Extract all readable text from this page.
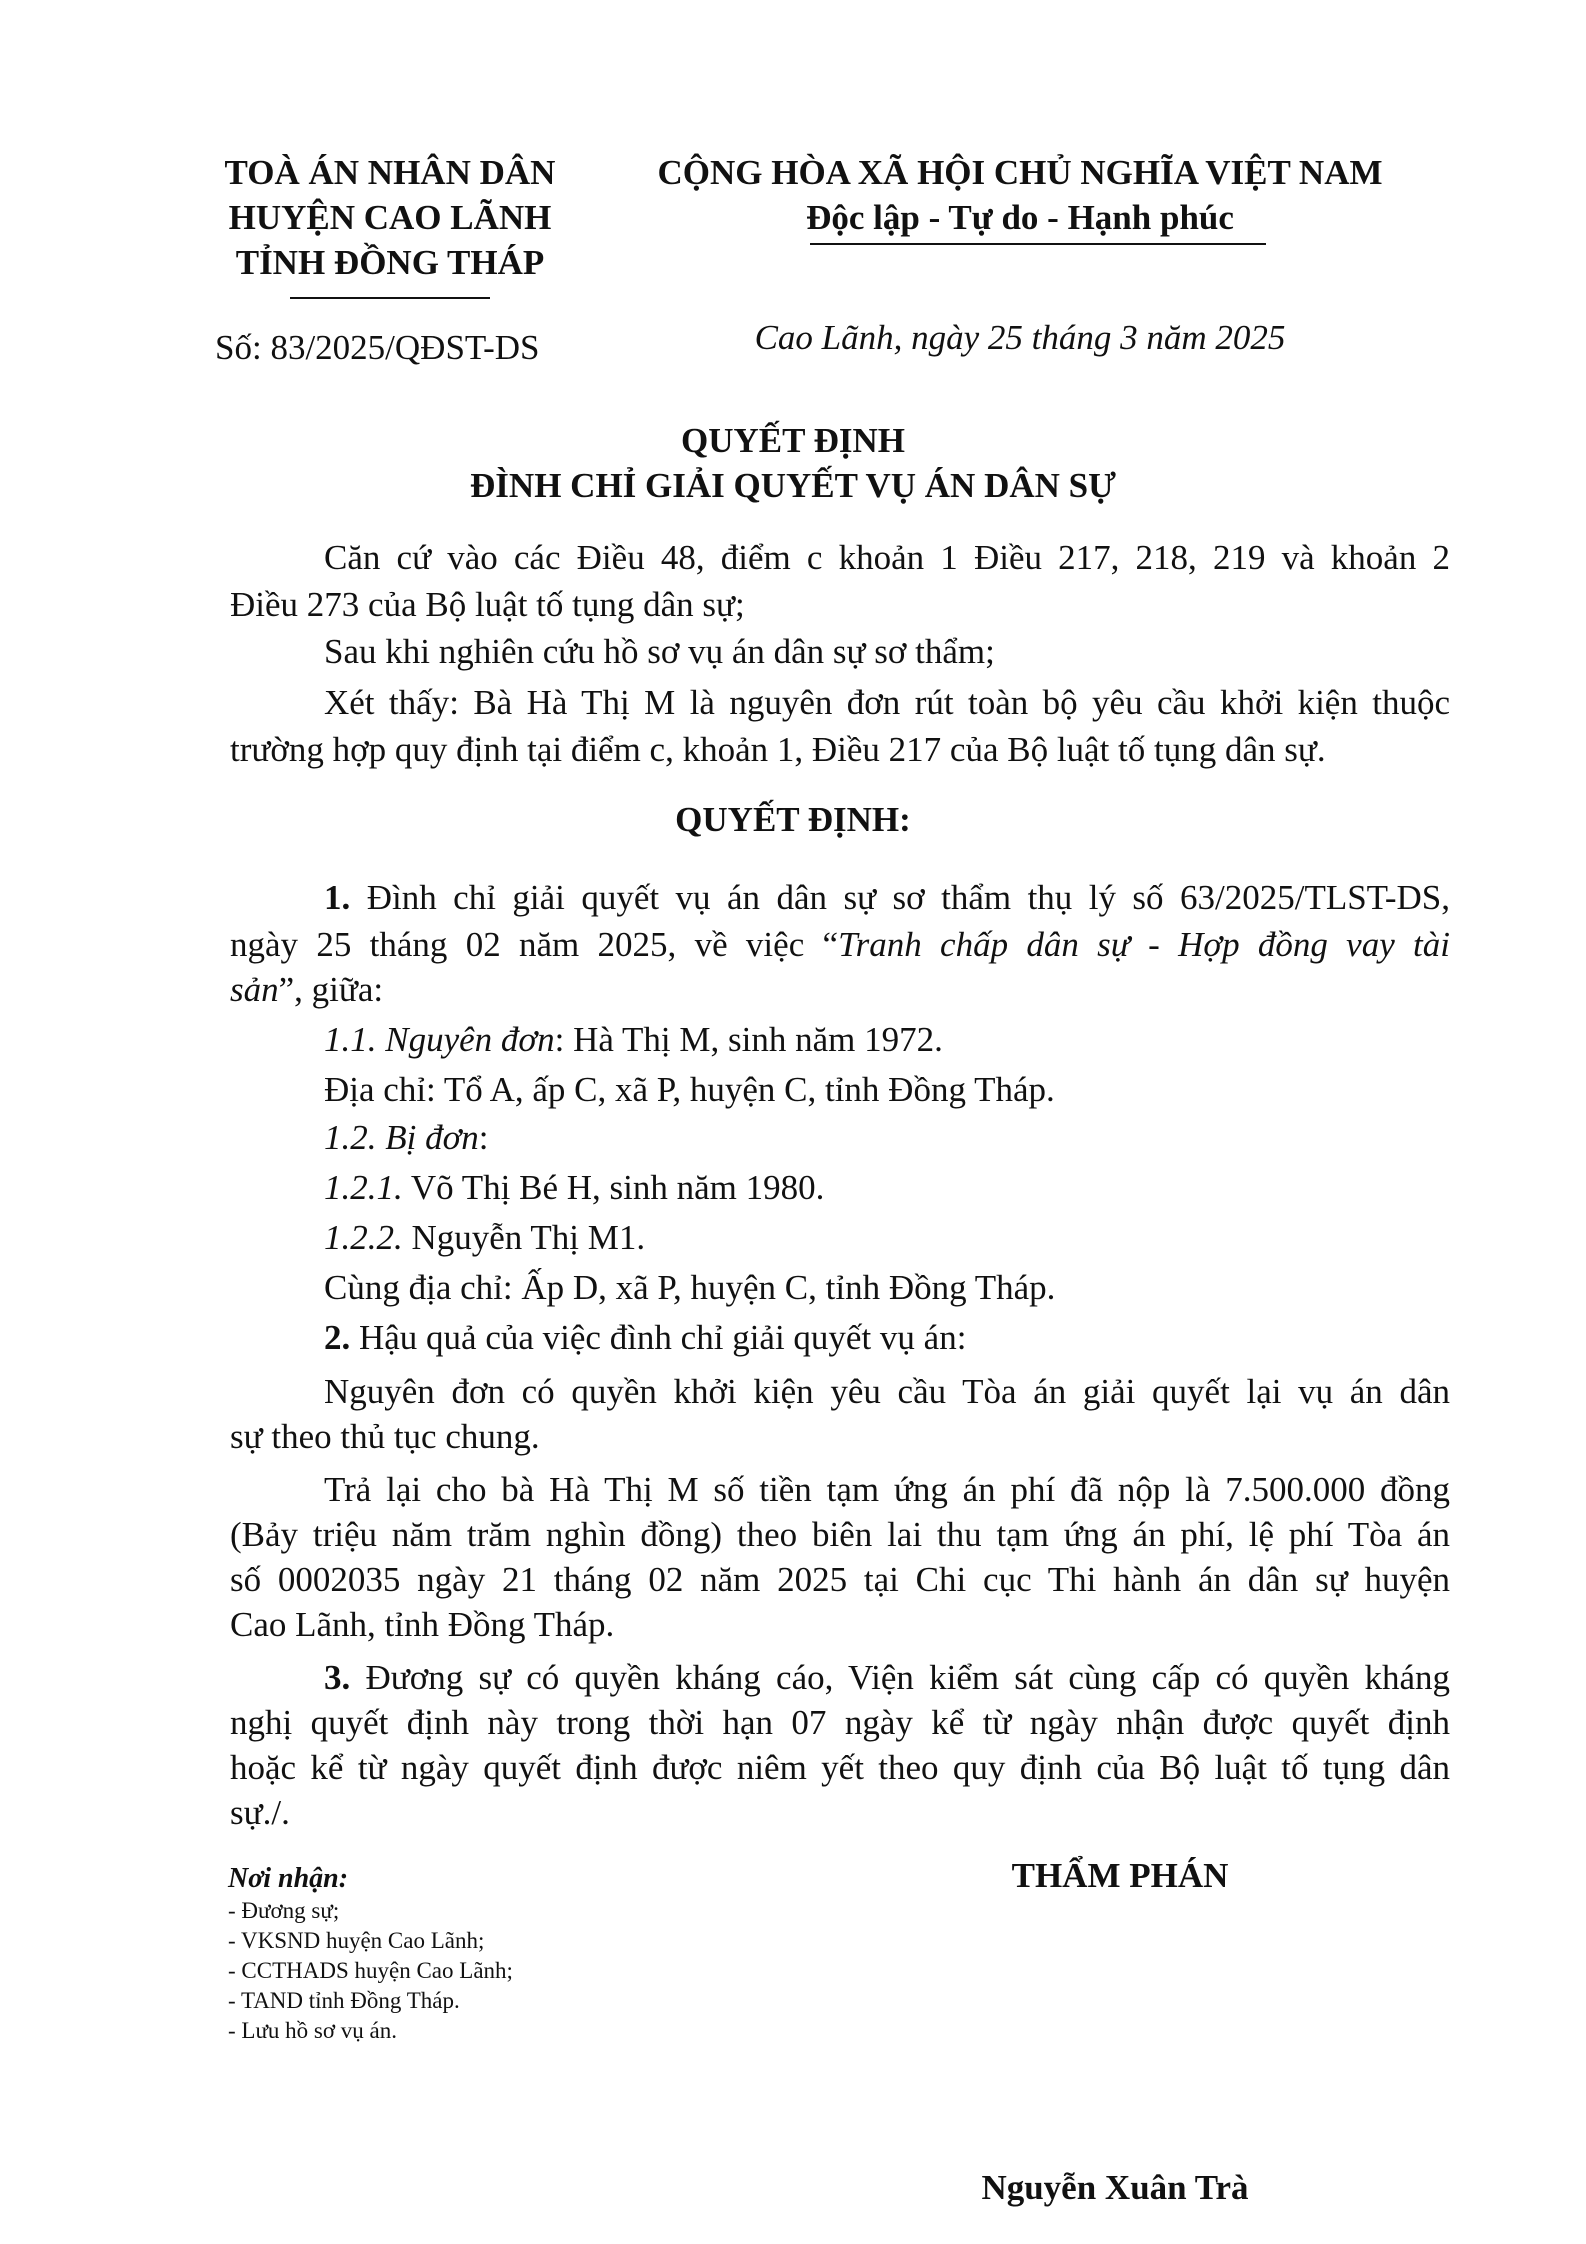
TOÀ ÁN NHÂN DÂN
HUYỆN CAO LÃNH
TỈNH ĐỒNG THÁP
Số: 83/2025/QĐST-DS
CỘNG HÒA XÃ HỘI CHỦ NGHĨA VIỆT NAM
Độc lập - Tự do - Hạnh phúc
Cao Lãnh, ngày 25 tháng 3 năm 2025
QUYẾT ĐỊNH
ĐÌNH CHỈ GIẢI QUYẾT VỤ ÁN DÂN SỰ
Căn cứ vào các Điều 48, điểm c khoản 1 Điều 217, 218, 219 và khoản 2
Điều 273 của Bộ luật tố tụng dân sự;
Sau khi nghiên cứu hồ sơ vụ án dân sự sơ thẩm;
Xét thấy: Bà Hà Thị M là nguyên đơn rút toàn bộ yêu cầu khởi kiện thuộc
trường hợp quy định tại điểm c, khoản 1, Điều 217 của Bộ luật tố tụng dân sự.
QUYẾT ĐỊNH:
1. Đình chỉ giải quyết vụ án dân sự sơ thẩm thụ lý số 63/2025/TLST-DS,
ngày 25 tháng 02 năm 2025, về việc “Tranh chấp dân sự - Hợp đồng vay tài
sản”, giữa:
1.1. Nguyên đơn: Hà Thị M, sinh năm 1972.
Địa chỉ: Tổ A, ấp C, xã P, huyện C, tỉnh Đồng Tháp.
1.2. Bị đơn:
1.2.1. Võ Thị Bé H, sinh năm 1980.
1.2.2. Nguyễn Thị M1.
Cùng địa chỉ: Ấp D, xã P, huyện C, tỉnh Đồng Tháp.
2. Hậu quả của việc đình chỉ giải quyết vụ án:
Nguyên đơn có quyền khởi kiện yêu cầu Tòa án giải quyết lại vụ án dân
sự theo thủ tục chung.
Trả lại cho bà Hà Thị M số tiền tạm ứng án phí đã nộp là 7.500.000 đồng
(Bảy triệu năm trăm nghìn đồng) theo biên lai thu tạm ứng án phí, lệ phí Tòa án
số 0002035 ngày 21 tháng 02 năm 2025 tại Chi cục Thi hành án dân sự huyện
Cao Lãnh, tỉnh Đồng Tháp.
3. Đương sự có quyền kháng cáo, Viện kiểm sát cùng cấp có quyền kháng
nghị quyết định này trong thời hạn 07 ngày kể từ ngày nhận được quyết định
hoặc kể từ ngày quyết định được niêm yết theo quy định của Bộ luật tố tụng dân
sự./.
Nơi nhận:
- Đương sự;
- VKSND huyện Cao Lãnh;
- CCTHADS huyện Cao Lãnh;
- TAND tỉnh Đồng Tháp.
- Lưu hồ sơ vụ án.
THẨM PHÁN
Nguyễn Xuân Trà
